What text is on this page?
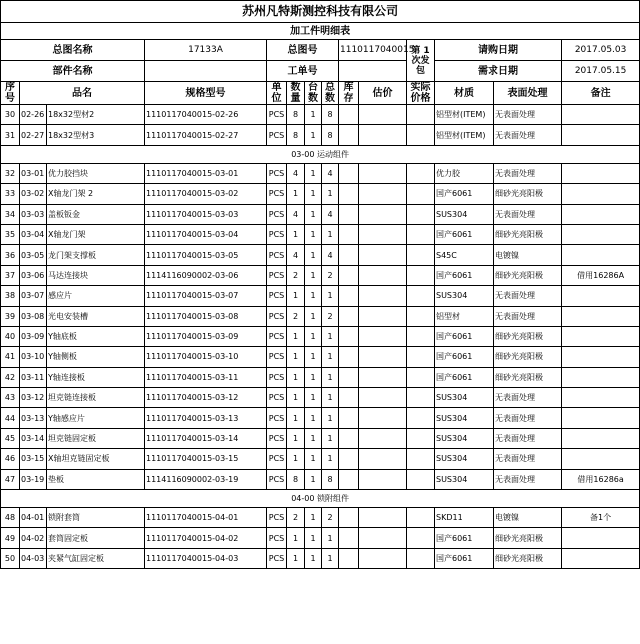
苏州凡特斯测控科技有限公司													
加工件明细表													
总图名称			17133A	总图号				1110117040015		第 1 次发包	请购日期		2017.05.03
部件名称				工单号							需求日期		2017.05.15
序号	品名		规格型号	单位	数量	台数	总数	库存	估价	实际价格	材质	表面处理	备注
30	02-26	18x32型材2	1110117040015-02-26	PCS	8	1	8				铝型材(ITEM)	无表面处理	
31	02-27	18x32型材3	1110117040015-02-27	PCS	8	1	8				铝型材(ITEM)	无表面处理	
03-00 运动组件													
32	03-01	优力胶挡块	1110117040015-03-01	PCS	4	1	4				优力胶	无表面处理	
33	03-02	X轴龙门架 2	1110117040015-03-02	PCS	1	1	1				国产6061	细砂光亮阳极	
34	03-03	盖板钣金	1110117040015-03-03	PCS	4	1	4				SUS304	无表面处理	
35	03-04	X轴龙门架	1110117040015-03-04	PCS	1	1	1				国产6061	细砂光亮阳极	
36	03-05	龙门架支撑板	1110117040015-03-05	PCS	4	1	4				S45C	电镀镍	
37	03-06	马达连接块	1114116090002-03-06	PCS	2	1	2				国产6061	细砂光亮阳极	借用16286A
38	03-07	感应片	1110117040015-03-07	PCS	1	1	1				SUS304	无表面处理	
39	03-08	光电安装槽	1110117040015-03-08	PCS	2	1	2				铝型材	无表面处理	
40	03-09	Y轴底板	1110117040015-03-09	PCS	1	1	1				国产6061	细砂光亮阳极	
41	03-10	Y轴侧板	1110117040015-03-10	PCS	1	1	1				国产6061	细砂光亮阳极	
42	03-11	Y轴连接板	1110117040015-03-11	PCS	1	1	1				国产6061	细砂光亮阳极	
43	03-12	坦克链连接板	1110117040015-03-12	PCS	1	1	1				SUS304	无表面处理	
44	03-13	Y轴感应片	1110117040015-03-13	PCS	1	1	1				SUS304	无表面处理	
45	03-14	坦克链固定板	1110117040015-03-14	PCS	1	1	1				SUS304	无表面处理	
46	03-15	X轴坦克链固定板	1110117040015-03-15	PCS	1	1	1				SUS304	无表面处理	
47	03-19	垫板	1114116090002-03-19	PCS	8	1	8				SUS304	无表面处理	借用16286a
04-00 锁附组件													
48	04-01	锁附套筒	1110117040015-04-01	PCS	2	1	2				SKD11	电镀镍	备1个
49	04-02	套筒固定板	1110117040015-04-02	PCS	1	1	1				国产6061	细砂光亮阳极	
50	04-03	夹紧气缸固定板	1110117040015-04-03	PCS	1	1	1				国产6061	细砂光亮阳极	
